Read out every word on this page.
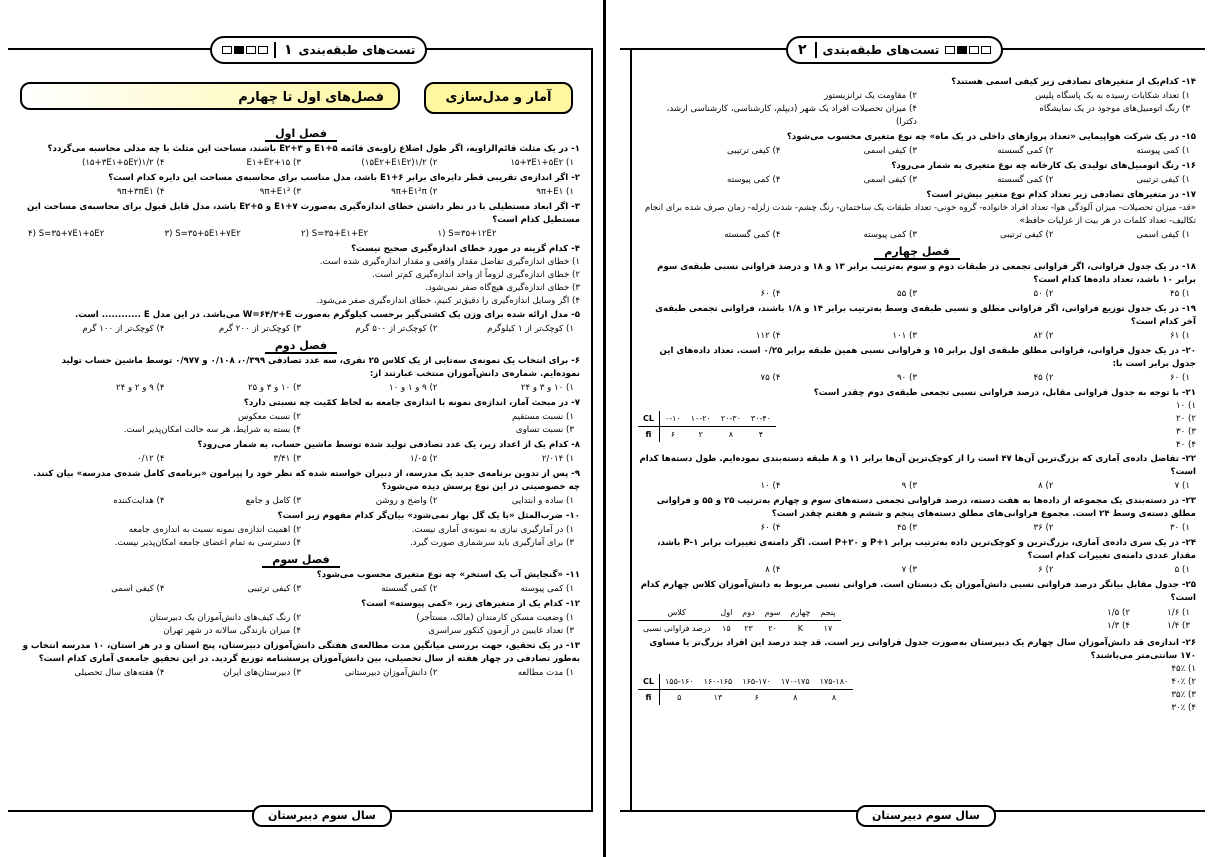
تست‌های طبقه‌بندی
۱
فصل‌های اول تا چهارم	آمار و مدل‌سازی
فصل اول
۱- در یک مثلث قائم‌الزاویه، اگر طول اضلاع زاویه‌ی قائمه E۱+۵ و E۲+۳ باشند، مساحت این مثلث با چه مدلی محاسبه می‌گردد؟
۱) ۱۵+۳E۱+۵E۲
۲) ۱/۲(۱۵E۲+E۱E۲)
۳) ۱۵+E۱+E۲
۴) ۱/۲(۱۵+۳E۱+۵E۲)
۲- اگر اندازه‌ی تقریبی قطر دایره‌ای برابر E۱+۶ باشد، مدل مناسب برای محاسبه‌ی مساحت این دایره کدام است؟
۱) ۹π+E۱
۲) ۹π+E۱²π
۳) ۹π+E۱²
۴) ۹π+۳πE۱
۳- اگر ابعاد مستطیلی با در نظر داشتن خطای اندازه‌گیری به‌صورت E۱+۷ و E۲+۵ باشد، مدل قابل قبول برای محاسبه‌ی مساحت این مستطیل کدام است؟
۴) S=۳۵+۷E۱+۵E۲	۳) S=۳۵+۵E۱+۷E۲	۲) S=۳۵+E۱+E۲	۱) S=۳۵+۱۲E۲
۴- کدام گزینه در مورد خطای اندازه‌گیری صحیح نیست؟
۱) خطای اندازه‌گیری تفاضل مقدار واقعی و مقدار اندازه‌گیری شده است.
۲) خطای اندازه‌گیری لزوماً از واحد اندازه‌گیری کم‌تر است.
۳) خطای اندازه‌گیری هیچ‌گاه صفر نمی‌شود.
۴) اگر وسایل اندازه‌گیری را دقیق‌تر کنیم، خطای اندازه‌گیری صفر می‌شود.
۵- مدل ارائه شده برای وزن یک کشتی‌گیر برحسب کیلوگرم به‌صورت W=۶۴/۲+E می‌باشد. در این مدل E ............ است.
۱) کوچک‌تر از ۱ کیلوگرم
۲) کوچک‌تر از ۵۰۰ گرم
۳) کوچک‌تر از ۲۰۰ گرم
۴) کوچک‌تر از ۱۰۰ گرم
فصل دوم
۶- برای انتخاب یک نمونه‌ی سه‌تایی از یک کلاس ۲۵ نفری، سه عدد تصادفی ۰/۳۹۹، ۰/۱۰۸ و ۰/۹۷۷ توسط ماشین حساب تولید نموده‌ایم. شماره‌ی دانش‌آموزان منتخب عبارتند از:
۱) ۱۰ و ۳ و ۲۴
۲) ۹ و ۱ و ۱۰
۳) ۱۰ و ۳ و ۲۵
۴) ۹ و ۲ و ۲۴
۷- در مبحث آمار، اندازه‌ی نمونه با اندازه‌ی جامعه به لحاظ کمّیت چه نسبتی دارد؟
۱) نسبت مستقیم
۲) نسبت معکوس
۳) نسبت تساوی
۴) بسته به شرایط، هر سه حالت امکان‌پذیر است.
۸- کدام یک از اعداد زیر، یک عدد تصادفی تولید شده توسط ماشین حساب، به شمار می‌رود؟
۱) ۲/۰۱۴
۲) ۱/۰۵
۳) ۳/۴۱
۴) ۰/۱۲
۹- پس از تدوین برنامه‌ی جدید یک مدرسه، از دبیران خواسته شده که نظر خود را پیرامون «برنامه‌ی کامل شده‌ی مدرسه» بیان کنند. چه خصوصیتی در این نوع پرسش دیده می‌شود؟
۱) ساده و ابتدایی
۲) واضح و روشن
۳) کامل و جامع
۴) هدایت‌کننده
۱۰- ضرب‌المثل «با یک گل بهار نمی‌شود» بیان‌گر کدام مفهوم زیر است؟
۱) در آمارگیری نیازی به نمونه‌ی آماری نیست.
۲) اهمیت اندازه‌ی نمونه نسبت به اندازه‌ی جامعه
۳) برای آمارگیری باید سرشماری صورت گیرد.
۴) دسترسی به تمام اعضای جامعه امکان‌پذیر نیست.
فصل سوم
۱۱- «گنجایش آب یک استخر» چه نوع متغیری محسوب می‌شود؟
۱) کمی پیوسته
۲) کمی گسسته
۳) کیفی ترتیبی
۴) کیفی اسمی
۱۲- کدام یک از متغیرهای زیر، «کمی پیوسته» است؟
۱) وضعیت مسکن کارمندان (مالک، مستأجر)
۲) رنگ کیف‌های دانش‌آموزان یک دبیرستان
۳) تعداد غایبین در آزمون کنکور سراسری
۴) میزان بارندگی سالانه در شهر تهران
۱۳- در یک تحقیق، جهت بررسی میانگین مدت مطالعه‌ی هفتگی دانش‌آموزان دبیرستان، پنج استان و در هر استان، ۱۰ مدرسه انتخاب و به‌طور تصادفی در چهار هفته از سال تحصیلی، بین دانش‌آموزان پرسشنامه توزیع گردید. در این تحقیق جامعه‌ی آماری کدام است؟
۱) مدت مطالعه
۲) دانش‌آموزان دبیرستانی
۳) دبیرستان‌های ایران
۴) هفته‌های سال تحصیلی
سال سوم دبیرستان
تست‌های طبقه‌بندی
۲
۱۴- کدام‌یک از متغیرهای تصادفی زیر کیفی اسمی هستند؟
۱) تعداد شکایات رسیده به یک پاسگاه پلیس
۲) مقاومت یک ترانزیستور
۳) رنگ اتومبیل‌های موجود در یک نمایشگاه
۴) میزان تحصیلات افراد یک شهر (دیپلم، کارشناسی، کارشناسی ارشد، دکترا)
۱۵- در یک شرکت هواپیمایی «تعداد پروازهای داخلی در یک ماه» چه نوع متغیری محسوب می‌شود؟
۱) کمی پیوسته
۲) کمی گسسته
۳) کیفی اسمی
۴) کیفی ترتیبی
۱۶- رنگ اتومبیل‌های تولیدی یک کارخانه چه نوع متغیری به شمار می‌رود؟
۱) کیفی ترتیبی
۲) کمی گسسته
۳) کیفی اسمی
۴) کمی پیوسته
۱۷- در متغیرهای تصادفی زیر تعداد کدام نوع متغیر بیش‌تر است؟
«قد- میزان تحصیلات- میزان آلودگی هوا- تعداد افراد خانواده- گروه خونی- تعداد طبقات یک ساختمان- رنگ چشم- شدت زلزله- زمان صرف شده برای انجام تکالیف- تعداد کلمات در هر بیت از غزلیات حافظ»
۱) کیفی اسمی
۲) کیفی ترتیبی
۳) کمی پیوسته
۴) کمی گسسته
فصل چهارم
۱۸- در یک جدول فراوانی، اگر فراوانی تجمعی در طبقات دوم و سوم به‌ترتیب برابر ۱۳ و ۱۸ و درصد فراوانی نسبی طبقه‌ی سوم برابر ۱۰ باشد، تعداد داده‌ها کدام است؟
۱) ۴۵
۲) ۵۰
۳) ۵۵
۴) ۶۰
۱۹- در یک جدول توزیع فراوانی، اگر فراوانی مطلق و نسبی طبقه‌ی وسط به‌ترتیب برابر ۱۴ و ۱/۸ باشند، فراوانی تجمعی طبقه‌ی آخر کدام است؟
۱) ۶۱
۲) ۸۲
۳) ۱۰۱
۴) ۱۱۲
۲۰- در یک جدول فراوانی، فراوانی مطلق طبقه‌ی اول برابر ۱۵ و فراوانی نسبی همین طبقه برابر ۰/۲۵ است. تعداد داده‌های این جدول برابر است با:
۱) ۶۰
۲) ۴۵
۳) ۹۰
۴) ۷۵
۲۱- با توجه به جدول فراوانی مقابل، درصد فراوانی نسبی تجمعی طبقه‌ی دوم چقدر است؟
۱) ۱۰
۲) ۲۰
۳) ۳۰
۴) ۴۰
CL	۰-۱۰	۱۰-۲۰	۲۰-۳۰	۳۰-۴۰
fi	۶	۲	۸	۴
۲۲- تفاضل داده‌ی آماری که بزرگ‌ترین آن‌ها ۴۷ است را از کوچک‌ترین آن‌ها برابر ۱۱ و ۸ طبقه دسته‌بندی نموده‌ایم. طول دسته‌ها کدام است؟
۱) ۷
۲) ۸
۳) ۹
۴) ۱۰
۲۳- در دسته‌بندی یک مجموعه از داده‌ها به هفت دسته، درصد فراوانی تجمعی دسته‌های سوم و چهارم به‌ترتیب ۲۵ و ۵۵ و فراوانی مطلق دسته‌ی وسط ۲۴ است. مجموع فراوانی‌های مطلق دسته‌های پنجم و ششم و هفتم چقدر است؟
۱) ۳۰
۲) ۳۶
۳) ۴۵
۴) ۶۰
۲۴- در یک سری داده‌ی آماری، بزرگ‌ترین و کوچک‌ترین داده به‌ترتیب برابر P+۱ و P+۲۰ است. اگر دامنه‌ی تغییرات برابر P-۱ باشد، مقدار عددی دامنه‌ی تغییرات کدام است؟
۱) ۵
۲) ۶
۳) ۷
۴) ۸
۲۵- جدول مقابل بیانگر درصد فراوانی نسبی دانش‌آموزان یک دبستان است. فراوانی نسبی مربوط به دانش‌آموزان کلاس چهارم کدام است؟
۱) ۱/۶
۲) ۱/۵
۳) ۱/۴
۴) ۱/۳
پنجم	چهارم	سوم	دوم	اول	کلاس
۱۷	K	۲۰	۲۳	۱۵	درصد فراوانی نسبی
۲۶- اندازه‌ی قد دانش‌آموزان سال چهارم یک دبیرستان به‌صورت جدول فراوانی زیر است. قد چند درصد این افراد بزرگ‌تر یا مساوی ۱۷۰ سانتی‌متر می‌باشند؟
۱) ۴۵٪
۲) ۴۰٪
۳) ۳۵٪
۴) ۳۰٪
CL	۱۵۵-۱۶۰	۱۶۰-۱۶۵	۱۶۵-۱۷۰	۱۷۰-۱۷۵	۱۷۵-۱۸۰
fi	۵	۱۳	۶	۸	۸
سال سوم دبیرستان
